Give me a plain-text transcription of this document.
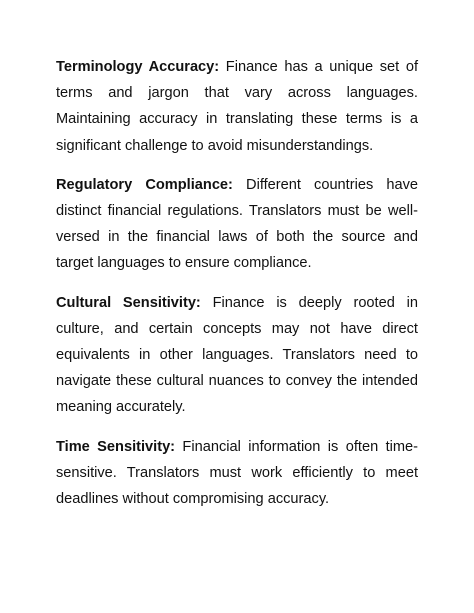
Terminology Accuracy: Finance has a unique set of terms and jargon that vary across languages. Maintaining accuracy in translating these terms is a significant challenge to avoid misunderstandings.

Regulatory Compliance: Different countries have distinct financial regulations. Translators must be well-versed in the financial laws of both the source and target languages to ensure compliance.

Cultural Sensitivity: Finance is deeply rooted in culture, and certain concepts may not have direct equivalents in other languages. Translators need to navigate these cultural nuances to convey the intended meaning accurately.

Time Sensitivity: Financial information is often time-sensitive. Translators must work efficiently to meet deadlines without compromising accuracy.
